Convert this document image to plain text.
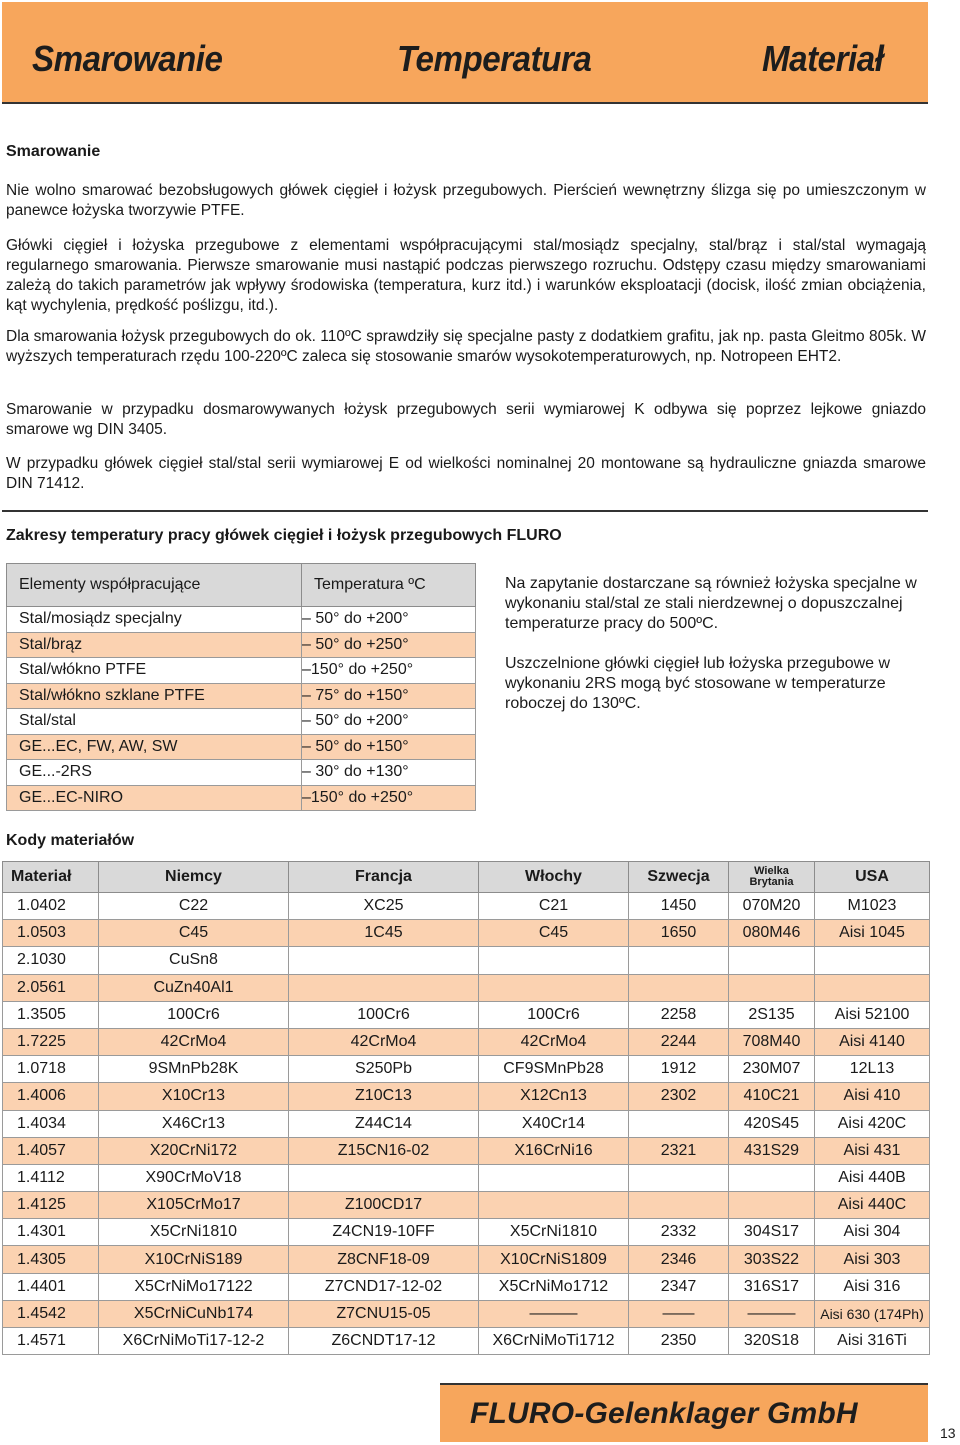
Smarowanie	Temperatura	Materiał
Smarowanie
Nie wolno smarować bezobsługowych główek cięgieł i łożysk przegubowych. Pierścień wewnętrzny ślizga się po umieszczonym w panewce łożyska tworzywie PTFE.
Główki cięgieł i łożyska przegubowe z elementami współpracującymi stal/mosiądz specjalny, stal/brąz i stal/stal wymagają regularnego smarowania. Pierwsze smarowanie musi nastąpić podczas pierwszego rozruchu. Odstępy czasu między smarowaniami zależą do takich parametrów jak wpływy środowiska (temperatura, kurz itd.) i warunków eksploatacji (docisk, ilość zmian obciążenia, kąt wychylenia, prędkość poślizgu, itd.).
Dla smarowania łożysk przegubowych do ok. 110ºC sprawdziły się specjalne pasty z dodatkiem grafitu, jak np. pasta Gleitmo 805k. W wyższych temperaturach rzędu 100-220ºC zaleca się stosowanie smarów wysokotemperaturowych, np. Notropeen EHT2.
Smarowanie w przypadku dosmarowywanych łożysk przegubowych serii wymiarowej K odbywa się poprzez lejkowe gniazdo smarowe wg DIN 3405.
W przypadku główek cięgieł stal/stal serii wymiarowej E od wielkości nominalnej 20 montowane są hydrauliczne gniazda smarowe DIN 71412.
Zakresy temperatury pracy główek cięgieł i łożysk przegubowych FLURO
Elementy współpracujące	Temperatura ºC
Stal/mosiądz specjalny	– 50° do +200°
Stal/brąz	– 50° do +250°
Stal/włókno PTFE	–150° do +250°
Stal/włókno szklane PTFE	– 75° do +150°
Stal/stal	– 50° do +200°
GE...EC, FW, AW, SW	– 50° do +150°
GE...-2RS	– 30° do +130°
GE...EC-NIRO	–150° do +250°
Na zapytanie dostarczane są również łożyska specjalne w wykonaniu stal/stal ze stali nierdzewnej o dopuszczalnej temperaturze pracy do 500ºC.
Uszczelnione główki cięgieł lub łożyska przegubowe w wykonaniu 2RS mogą być stosowane w temperaturze roboczej do 130ºC.
Kody materiałów
Materiał	Niemcy	Francja	Włochy	Szwecja	Wielka
Brytania	USA
1.0402	C22	XC25	C21	1450	070M20	M1023
1.0503	C45	1C45	C45	1650	080M46	Aisi 1045
2.1030	CuSn8					
2.0561	CuZn40Al1					
1.3505	100Cr6	100Cr6	100Cr6	2258	2S135	Aisi 52100
1.7225	42CrMo4	42CrMo4	42CrMo4	2244	708M40	Aisi 4140
1.0718	9SMnPb28K	S250Pb	CF9SMnPb28	1912	230M07	12L13
1.4006	X10Cr13	Z10C13	X12Cn13	2302	410C21	Aisi 410
1.4034	X46Cr13	Z44C14	X40Cr14		420S45	Aisi 420C
1.4057	X20CrNi172	Z15CN16-02	X16CrNi16	2321	431S29	Aisi 431
1.4112	X90CrMoV18					Aisi 440B
1.4125	X105CrMo17	Z100CD17				Aisi 440C
1.4301	X5CrNi1810	Z4CN19-10FF	X5CrNi1810	2332	304S17	Aisi 304
1.4305	X10CrNiS189	Z8CNF18-09	X10CrNiS1809	2346	303S22	Aisi 303
1.4401	X5CrNiMo17122	Z7CND17-12-02	X5CrNiMo1712	2347	316S17	Aisi 316
1.4542	X5CrNiCuNb174	Z7CNU15-05	———	——	———	Aisi 630 (174Ph)
1.4571	X6CrNiMoTi17-12-2	Z6CNDT17-12	X6CrNiMoTi1712	2350	320S18	Aisi 316Ti
FLURO-Gelenklager GmbH
13
